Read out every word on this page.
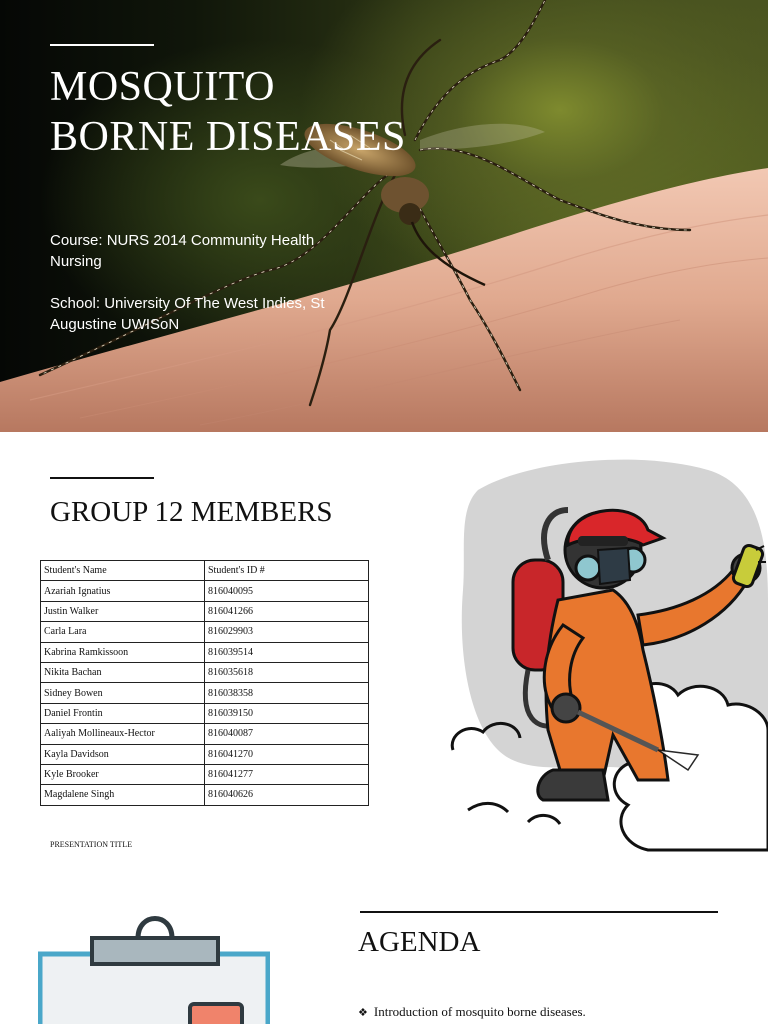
MOSQUITO
BORNE DISEASES

Course: NURS 2014 Community Health Nursing

School: University Of The West Indies, St Augustine UWISoN

GROUP 12 MEMBERS
Student's Name	Student's ID #
Azariah Ignatius	816040095
Justin Walker	816041266
Carla Lara	816029903
Kabrina Ramkissoon	816039514
Nikita Bachan	816035618
Sidney Bowen	816038358
Daniel Frontin	816039150
Aaliyah Mollineaux-Hector	816040087
Kayla Davidson	816041270
Kyle Brooker	816041277
Magdalene Singh	816040626
PRESENTATION TITLE
AGENDA
❖ Introduction of mosquito borne diseases.
